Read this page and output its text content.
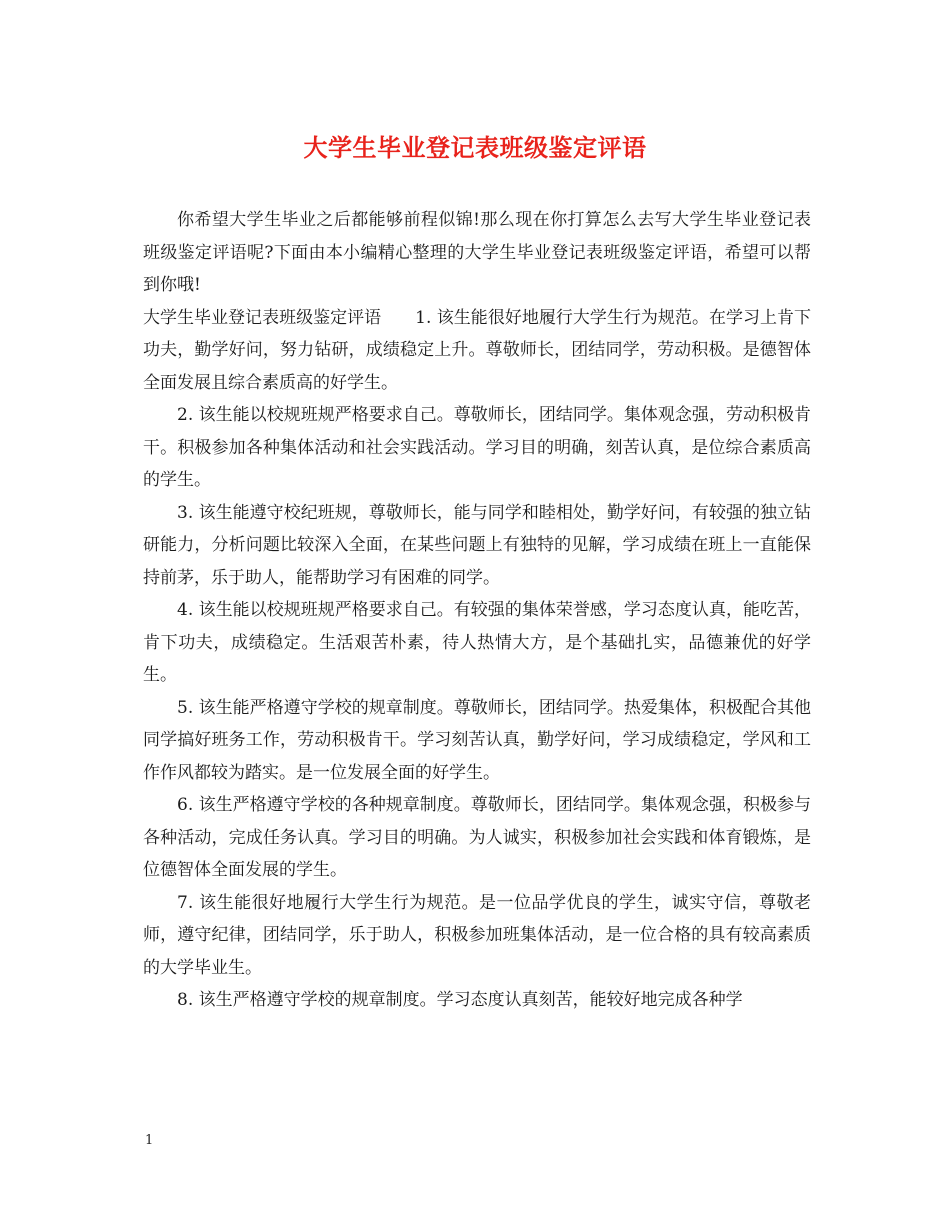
大学生毕业登记表班级鉴定评语

你希望大学生毕业之后都能够前程似锦!那么现在你打算怎么去写大学生毕业登记表班级鉴定评语呢?下面由本小编精心整理的大学生毕业登记表班级鉴定评语，希望可以帮到你哦!

大学生毕业登记表班级鉴定评语　　1. 该生能很好地履行大学生行为规范。在学习上肯下功夫，勤学好问，努力钻研，成绩稳定上升。尊敬师长，团结同学，劳动积极。是德智体全面发展且综合素质高的好学生。

2. 该生能以校规班规严格要求自己。尊敬师长，团结同学。集体观念强，劳动积极肯干。积极参加各种集体活动和社会实践活动。学习目的明确，刻苦认真，是位综合素质高的学生。

3. 该生能遵守校纪班规，尊敬师长，能与同学和睦相处，勤学好问，有较强的独立钻研能力，分析问题比较深入全面，在某些问题上有独特的见解，学习成绩在班上一直能保持前茅，乐于助人，能帮助学习有困难的同学。

4. 该生能以校规班规严格要求自己。有较强的集体荣誉感，学习态度认真，能吃苦，肯下功夫，成绩稳定。生活艰苦朴素，待人热情大方，是个基础扎实，品德兼优的好学生。

5. 该生能严格遵守学校的规章制度。尊敬师长，团结同学。热爱集体，积极配合其他同学搞好班务工作，劳动积极肯干。学习刻苦认真，勤学好问，学习成绩稳定，学风和工作作风都较为踏实。是一位发展全面的好学生。

6. 该生严格遵守学校的各种规章制度。尊敬师长，团结同学。集体观念强，积极参与各种活动，完成任务认真。学习目的明确。为人诚实，积极参加社会实践和体育锻炼，是位德智体全面发展的学生。

7. 该生能很好地履行大学生行为规范。是一位品学优良的学生，诚实守信，尊敬老师，遵守纪律，团结同学，乐于助人，积极参加班集体活动，是一位合格的具有较高素质的大学毕业生。

8. 该生严格遵守学校的规章制度。学习态度认真刻苦，能较好地完成各种学

1
